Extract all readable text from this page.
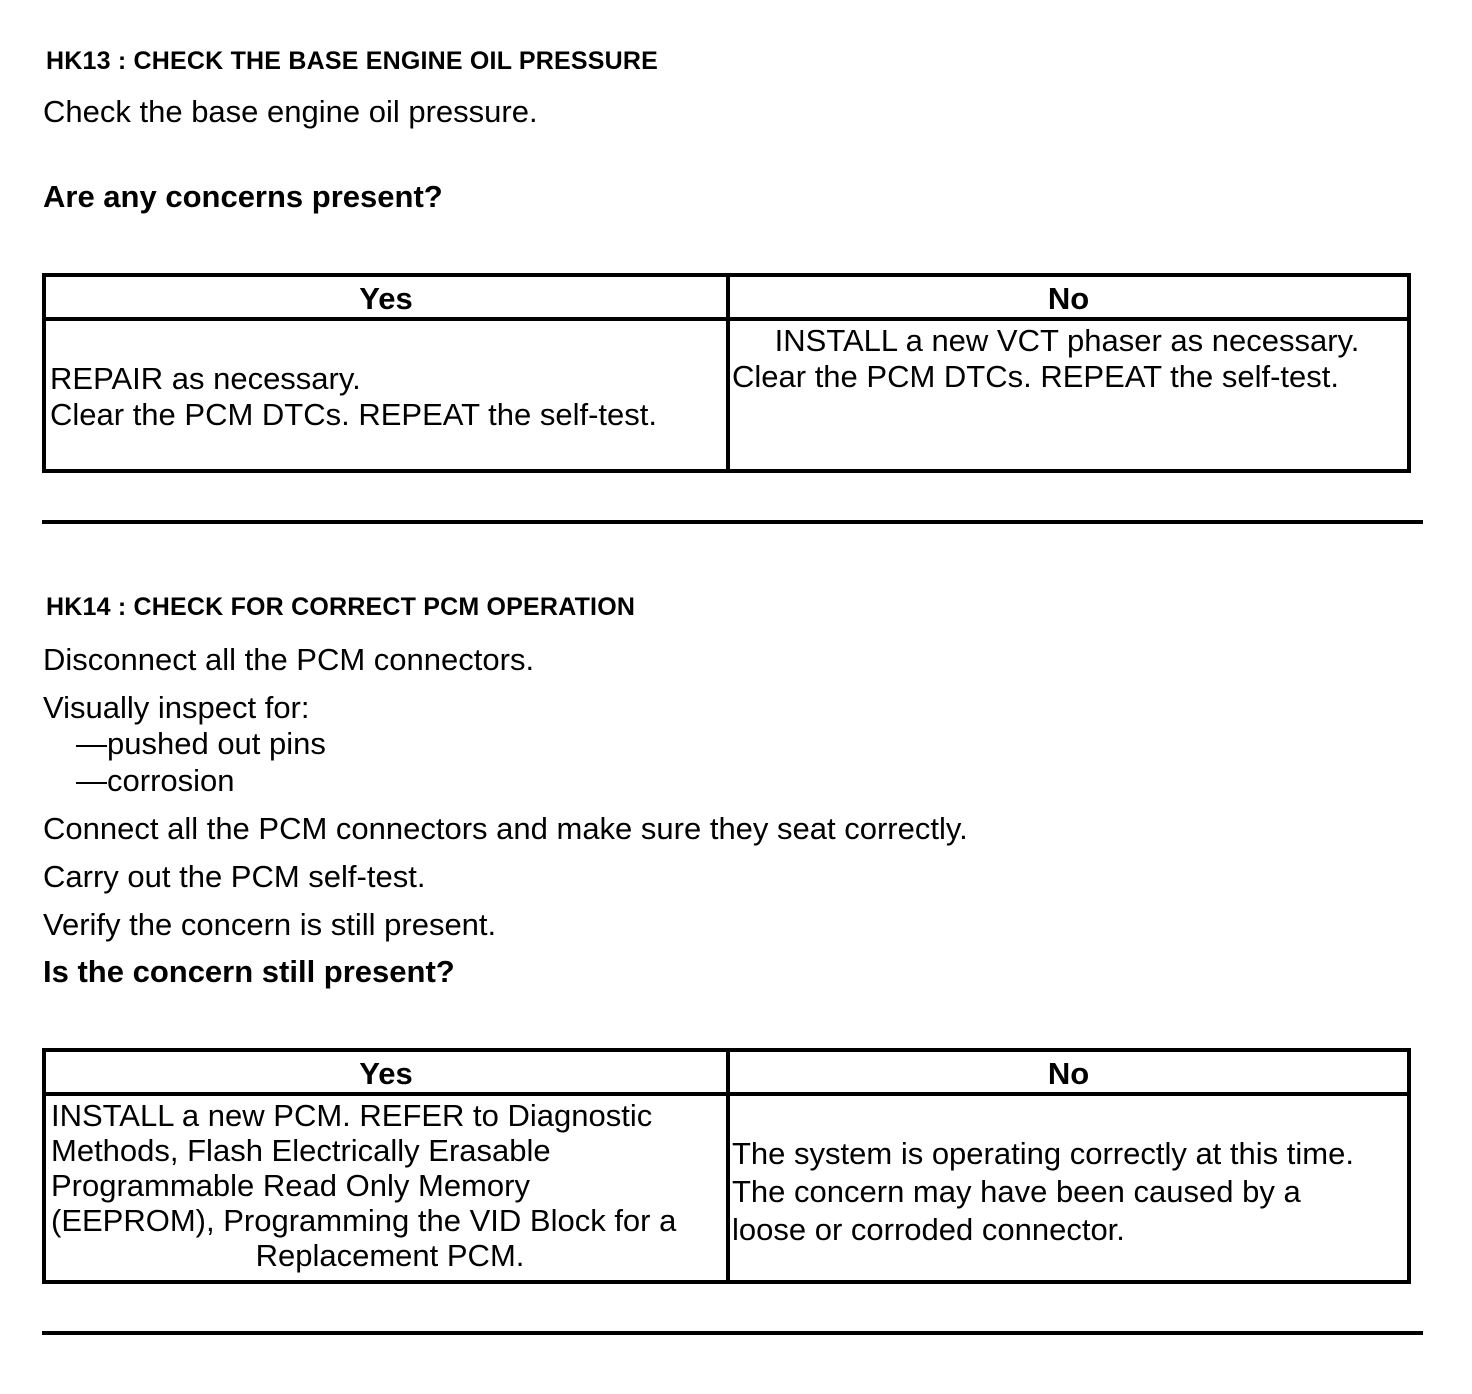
HK13 : CHECK THE BASE ENGINE OIL PRESSURE
Check the base engine oil pressure.
Are any concerns present?
Yes	No
REPAIR as necessary.
Clear the PCM DTCs. REPEAT the self-test.
INSTALL a new VCT phaser as necessary.
Clear the PCM DTCs. REPEAT the self-test.
HK14 : CHECK FOR CORRECT PCM OPERATION
Disconnect all the PCM connectors.
Visually inspect for:
—pushed out pins
—corrosion
Connect all the PCM connectors and make sure they seat correctly.
Carry out the PCM self-test.
Verify the concern is still present.
Is the concern still present?
Yes	No
INSTALL a new PCM. REFER to Diagnostic
Methods, Flash Electrically Erasable
Programmable Read Only Memory
(EEPROM), Programming the VID Block for a
Replacement PCM.
The system is operating correctly at this time.
The concern may have been caused by a
loose or corroded connector.
